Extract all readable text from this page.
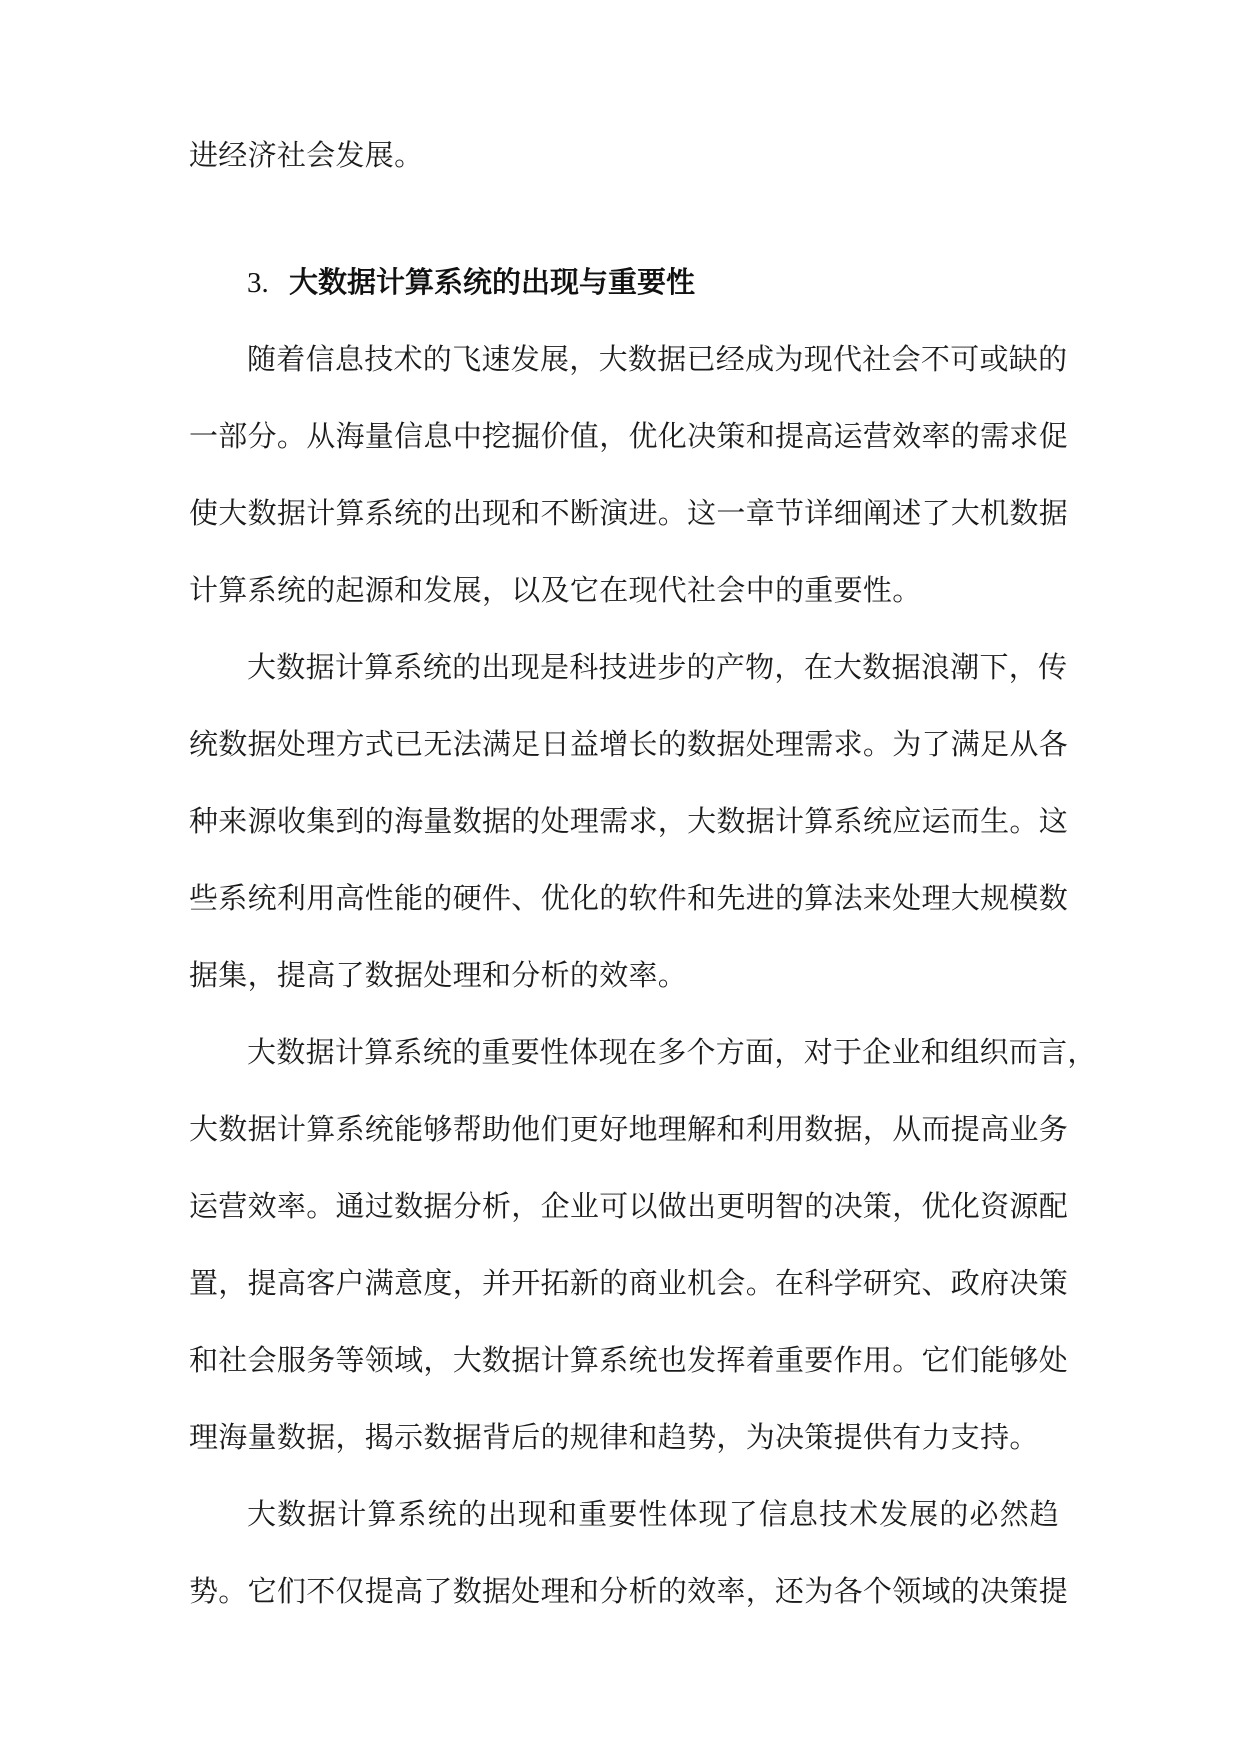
进经济社会发展。
3. 大数据计算系统的出现与重要性
随着信息技术的飞速发展，大数据已经成为现代社会不可或缺的
一部分。从海量信息中挖掘价值，优化决策和提高运营效率的需求促
使大数据计算系统的出现和不断演进。这一章节详细阐述了大机数据
计算系统的起源和发展，以及它在现代社会中的重要性。
大数据计算系统的出现是科技进步的产物，在大数据浪潮下，传
统数据处理方式已无法满足日益增长的数据处理需求。为了满足从各
种来源收集到的海量数据的处理需求，大数据计算系统应运而生。这
些系统利用高性能的硬件、优化的软件和先进的算法来处理大规模数
据集，提高了数据处理和分析的效率。
大数据计算系统的重要性体现在多个方面，对于企业和组织而言，
大数据计算系统能够帮助他们更好地理解和利用数据，从而提高业务
运营效率。通过数据分析，企业可以做出更明智的决策，优化资源配
置，提高客户满意度，并开拓新的商业机会。在科学研究、政府决策
和社会服务等领域，大数据计算系统也发挥着重要作用。它们能够处
理海量数据，揭示数据背后的规律和趋势，为决策提供有力支持。
大数据计算系统的出现和重要性体现了信息技术发展的必然趋
势。它们不仅提高了数据处理和分析的效率，还为各个领域的决策提
